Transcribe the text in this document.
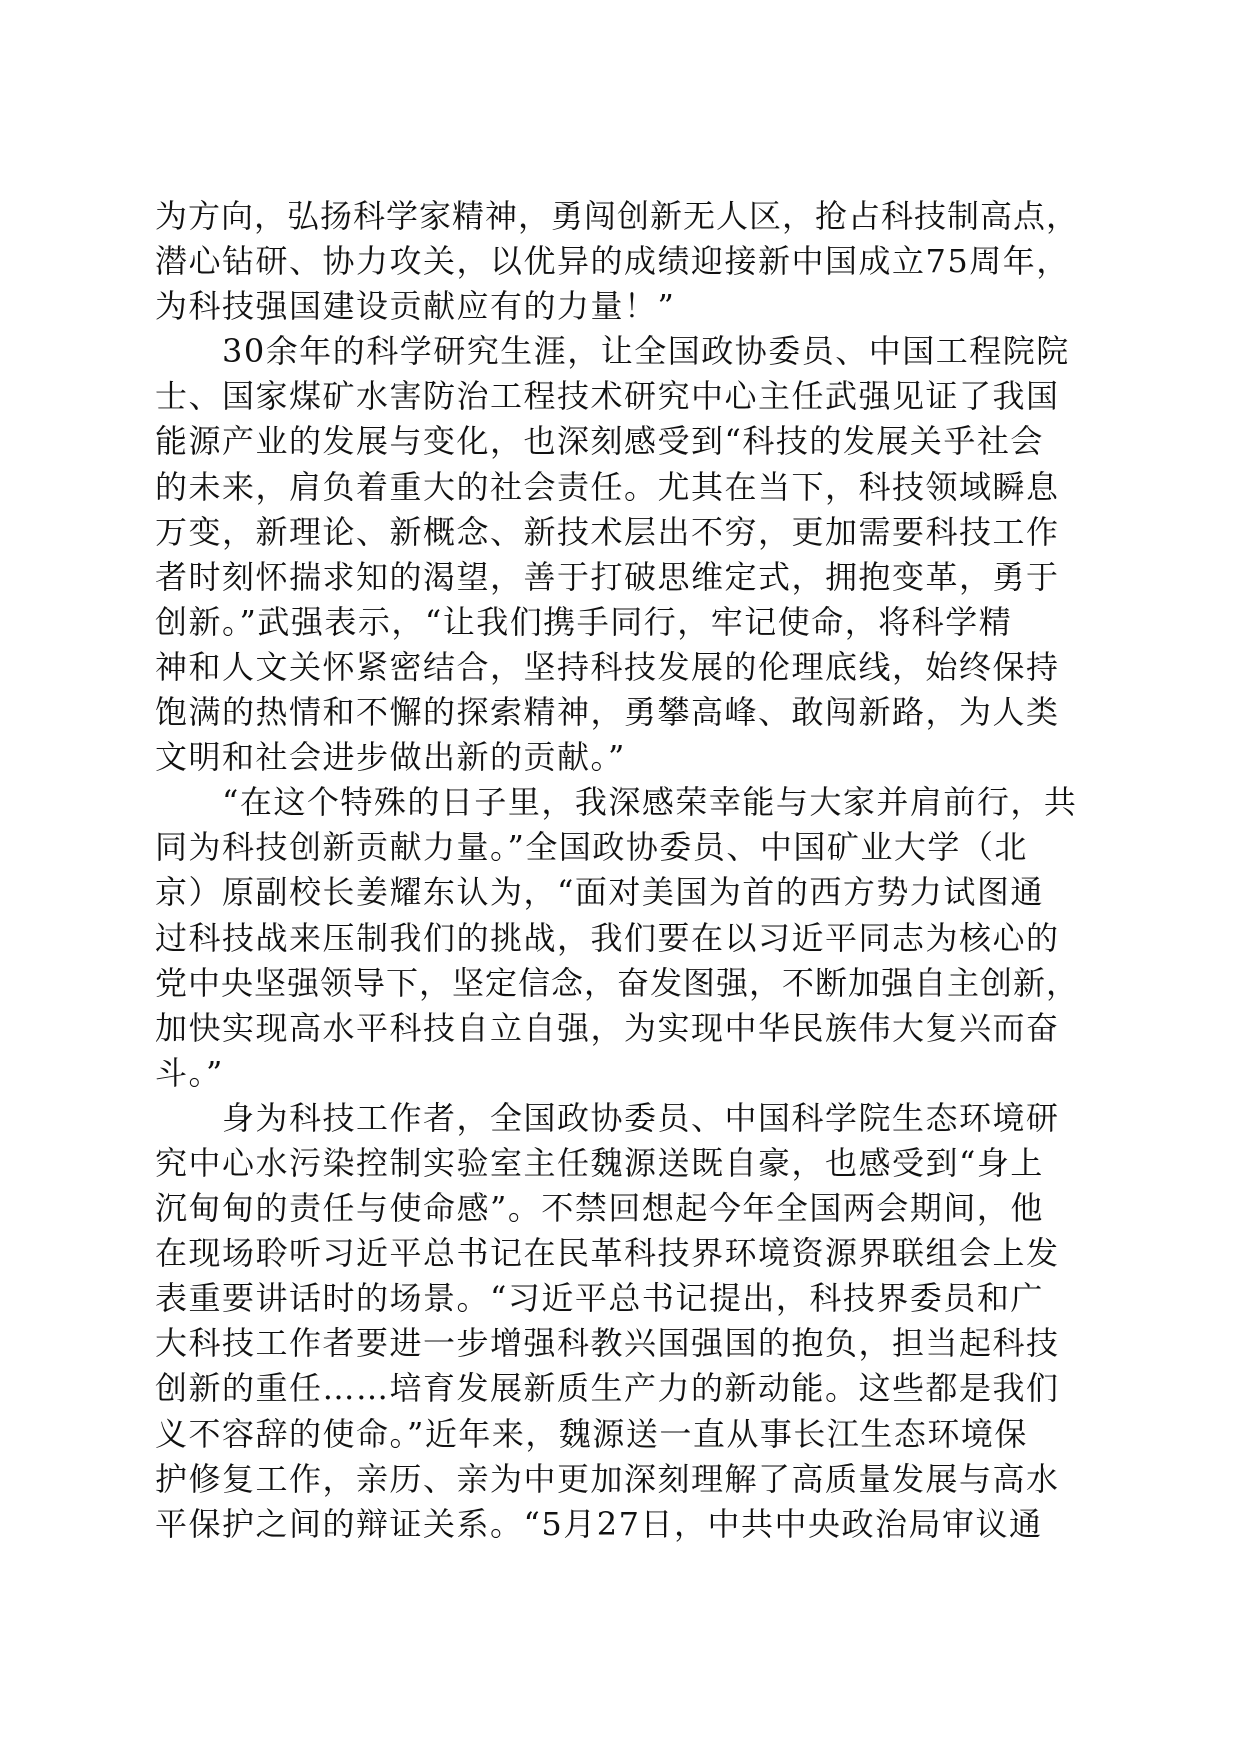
为方向，弘扬科学家精神，勇闯创新无人区，抢占科技制高点，
潜心钻研、协力攻关，以优异的成绩迎接新中国成立75周年，
为科技强国建设贡献应有的力量！”
　　30余年的科学研究生涯，让全国政协委员、中国工程院院
士、国家煤矿水害防治工程技术研究中心主任武强见证了我国
能源产业的发展与变化，也深刻感受到“科技的发展关乎社会
的未来，肩负着重大的社会责任。尤其在当下，科技领域瞬息
万变，新理论、新概念、新技术层出不穷，更加需要科技工作
者时刻怀揣求知的渴望，善于打破思维定式，拥抱变革，勇于
创新。”武强表示，“让我们携手同行，牢记使命，将科学精
神和人文关怀紧密结合，坚持科技发展的伦理底线，始终保持
饱满的热情和不懈的探索精神，勇攀高峰、敢闯新路，为人类
文明和社会进步做出新的贡献。”
　　“在这个特殊的日子里，我深感荣幸能与大家并肩前行，共
同为科技创新贡献力量。”全国政协委员、中国矿业大学（北
京）原副校长姜耀东认为，“面对美国为首的西方势力试图通
过科技战来压制我们的挑战，我们要在以习近平同志为核心的
党中央坚强领导下，坚定信念，奋发图强，不断加强自主创新，
加快实现高水平科技自立自强，为实现中华民族伟大复兴而奋
斗。”
　　身为科技工作者，全国政协委员、中国科学院生态环境研
究中心水污染控制实验室主任魏源送既自豪，也感受到“身上
沉甸甸的责任与使命感”。不禁回想起今年全国两会期间，他
在现场聆听习近平总书记在民革科技界环境资源界联组会上发
表重要讲话时的场景。“习近平总书记提出，科技界委员和广
大科技工作者要进一步增强科教兴国强国的抱负，担当起科技
创新的重任……培育发展新质生产力的新动能。这些都是我们
义不容辞的使命。”近年来，魏源送一直从事长江生态环境保
护修复工作，亲历、亲为中更加深刻理解了高质量发展与高水
平保护之间的辩证关系。“5月27日，中共中央政治局审议通
